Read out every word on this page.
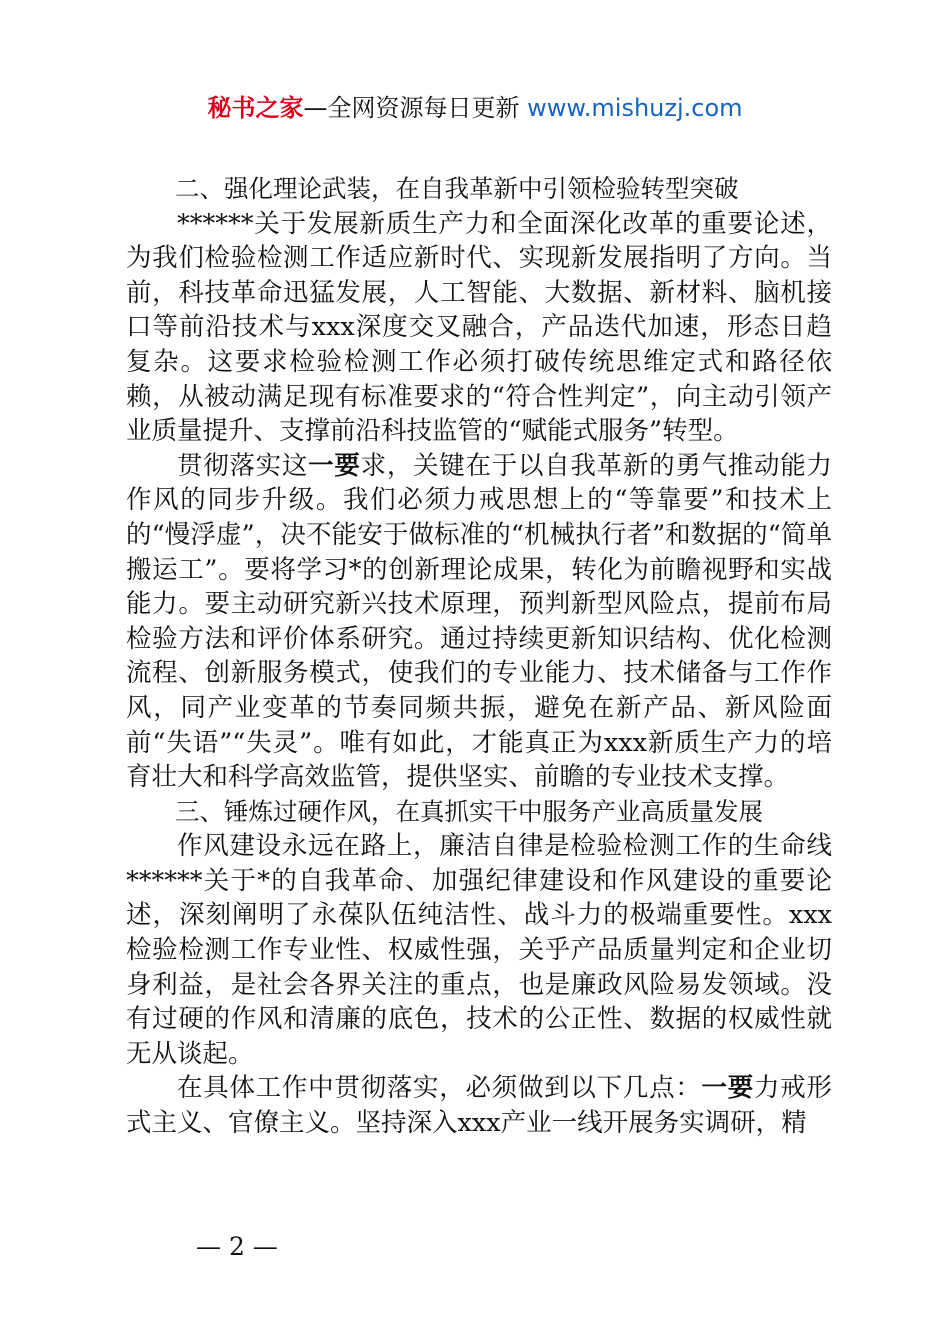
秘书之家—全网资源每日更新 www.mishuzj.com

二、强化理论武装，在自我革新中引领检验转型突破

******关于发展新质生产力和全面深化改革的重要论述，为我们检验检测工作适应新时代、实现新发展指明了方向。当前，科技革命迅猛发展，人工智能、大数据、新材料、脑机接口等前沿技术与xxx深度交叉融合，产品迭代加速，形态日趋复杂。这要求检验检测工作必须打破传统思维定式和路径依赖，从被动满足现有标准要求的“符合性判定”，向主动引领产业质量提升、支撑前沿科技监管的“赋能式服务”转型。

贯彻落实这一要求，关键在于以自我革新的勇气推动能力作风的同步升级。我们必须力戒思想上的“等靠要”和技术上的“慢浮虚”，决不能安于做标准的“机械执行者”和数据的“简单搬运工”。要将学习*的创新理论成果，转化为前瞻视野和实战能力。要主动研究新兴技术原理，预判新型风险点，提前布局检验方法和评价体系研究。通过持续更新知识结构、优化检测流程、创新服务模式，使我们的专业能力、技术储备与工作作风，同产业变革的节奏同频共振，避免在新产品、新风险面前“失语”“失灵”。唯有如此，才能真正为xxx新质生产力的培育壮大和科学高效监管，提供坚实、前瞻的专业技术支撑。

三、锤炼过硬作风，在真抓实干中服务产业高质量发展

作风建设永远在路上，廉洁自律是检验检测工作的生命线******关于*的自我革命、加强纪律建设和作风建设的重要论述，深刻阐明了永葆队伍纯洁性、战斗力的极端重要性。xxx检验检测工作专业性、权威性强，关乎产品质量判定和企业切身利益，是社会各界关注的重点，也是廉政风险易发领域。没有过硬的作风和清廉的底色，技术的公正性、数据的权威性就无从谈起。

在具体工作中贯彻落实，必须做到以下几点：一要力戒形式主义、官僚主义。坚持深入xxx产业一线开展务实调研，精

— 2 —
